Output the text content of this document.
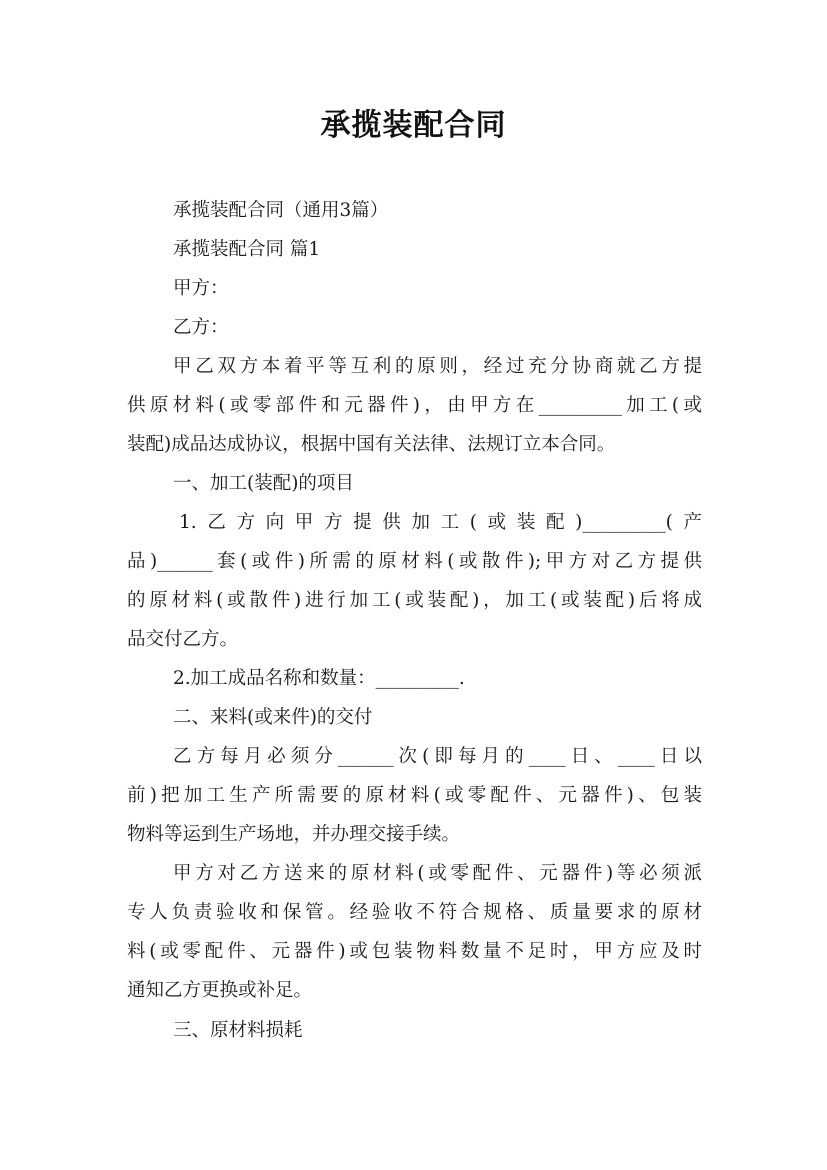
承揽装配合同
承揽装配合同（通用3篇）
承揽装配合同 篇1
甲方：
乙方：
甲乙双方本着平等互利的原则，经过充分协商就乙方提
供原材料(或零部件和元器件)，由甲方在_________加工(或
装配)成品达成协议，根据中国有关法律、法规订立本合同。
一、加工(装配)的项目
1.乙方向甲方提供加工(或装配)_________(产
品)______套(或件)所需的原材料(或散件);甲方对乙方提供
的原材料(或散件)进行加工(或装配)，加工(或装配)后将成
品交付乙方。
2.加工成品名称和数量：_________.
二、来料(或来件)的交付
乙方每月必须分______次(即每月的____日、____日以
前)把加工生产所需要的原材料(或零配件、元器件)、包装
物料等运到生产场地，并办理交接手续。
甲方对乙方送来的原材料(或零配件、元器件)等必须派
专人负责验收和保管。经验收不符合规格、质量要求的原材
料(或零配件、元器件)或包装物料数量不足时，甲方应及时
通知乙方更换或补足。
三、原材料损耗
